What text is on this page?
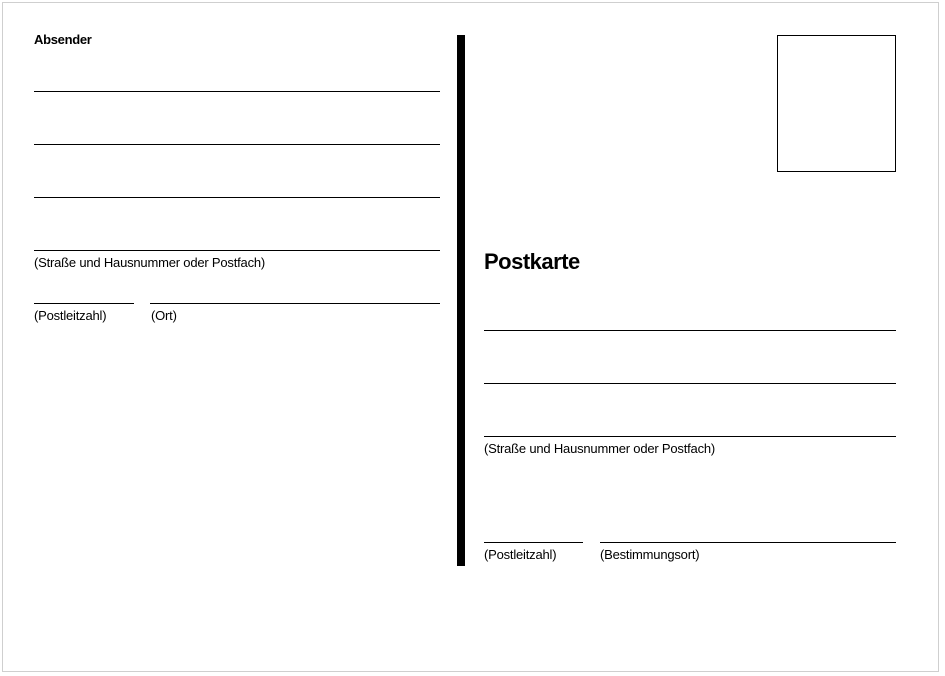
Absender
(Straße und Hausnummer oder Postfach)
(Postleitzahl)	(Ort)
Postkarte
(Straße und Hausnummer oder Postfach)
(Postleitzahl)	(Bestimmungsort)
